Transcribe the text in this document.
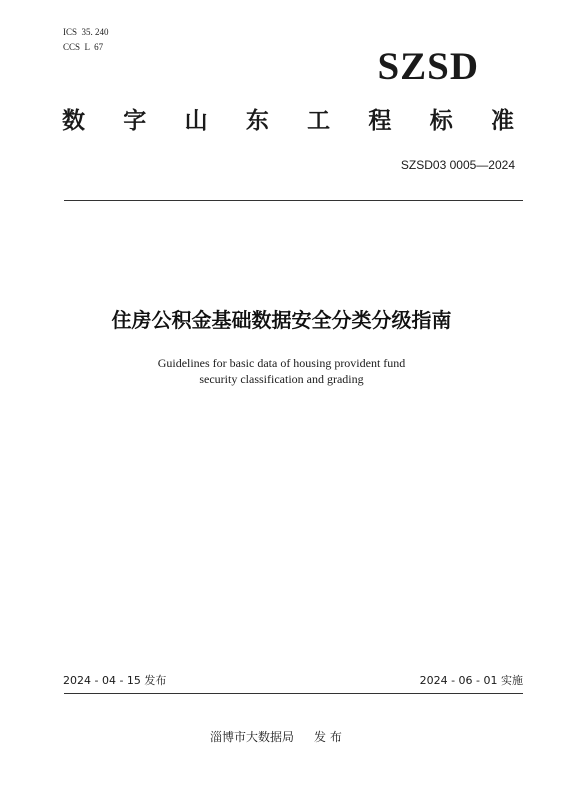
ICS  35. 240
CCS  L  67	SZSD
数 字 山 东 工 程 标 准
SZSD03 0005—2024
住房公积金基础数据安全分类分级指南
Guidelines for basic data of housing provident fund
security classification and grading
2024 - 04 - 15 发布	2024 - 06 - 01 实施
淄博市大数据局 发 布
